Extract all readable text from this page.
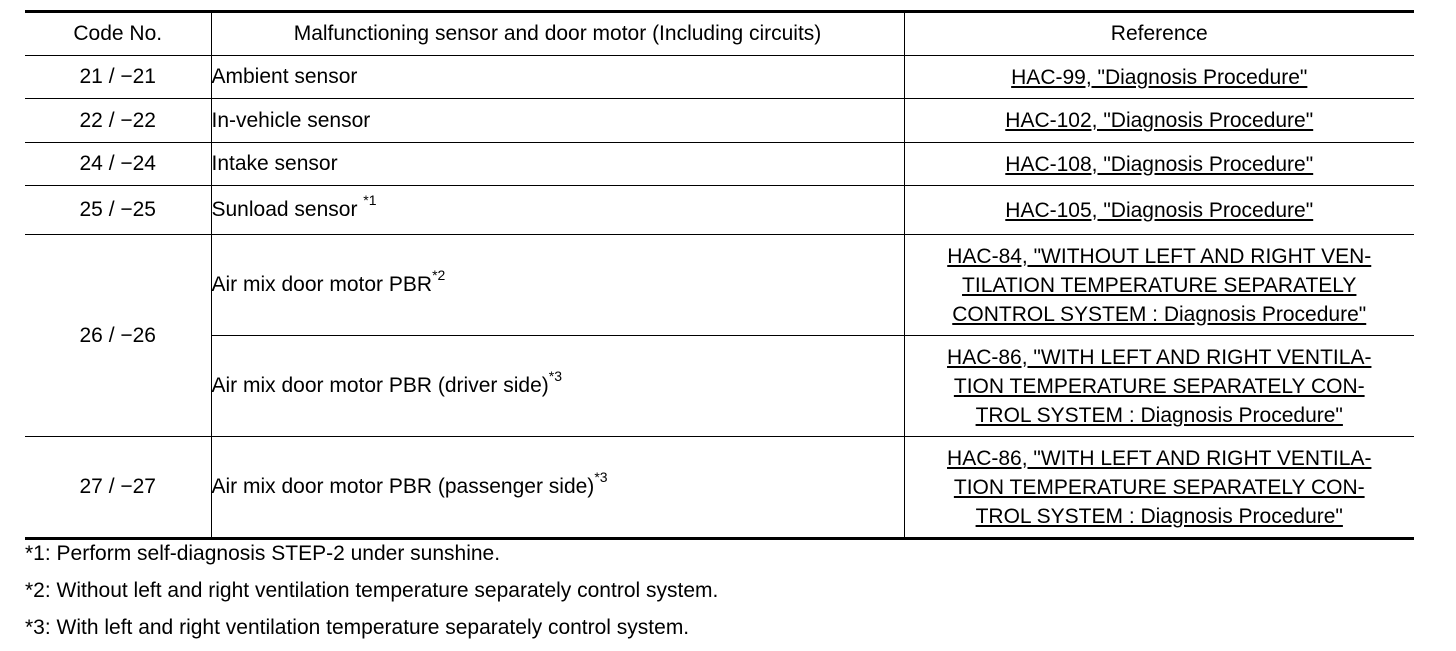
Code No.	Malfunctioning sensor and door motor (Including circuits)	Reference
21 / −21	Ambient sensor	HAC-99, "Diagnosis Procedure"
22 / −22	In-vehicle sensor	HAC-102, "Diagnosis Procedure"
24 / −24	Intake sensor	HAC-108, "Diagnosis Procedure"
25 / −25	Sunload sensor $^{*1}$	HAC-105, "Diagnosis Procedure"
26 / −26	Air mix door motor PBR$^{*2}$	HAC-84, "WITHOUT LEFT AND RIGHT VEN-
TILATION TEMPERATURE SEPARATELY
CONTROL SYSTEM : Diagnosis Procedure"
	Air mix door motor PBR (driver side)$^{*3}$	HAC-86, "WITH LEFT AND RIGHT VENTILA-
TION TEMPERATURE SEPARATELY CON-
TROL SYSTEM : Diagnosis Procedure"
27 / −27	Air mix door motor PBR (passenger side)$^{*3}$	HAC-86, "WITH LEFT AND RIGHT VENTILA-
TION TEMPERATURE SEPARATELY CON-
TROL SYSTEM : Diagnosis Procedure"
*1: Perform self-diagnosis STEP-2 under sunshine.
*2: Without left and right ventilation temperature separately control system.
*3: With left and right ventilation temperature separately control system.
